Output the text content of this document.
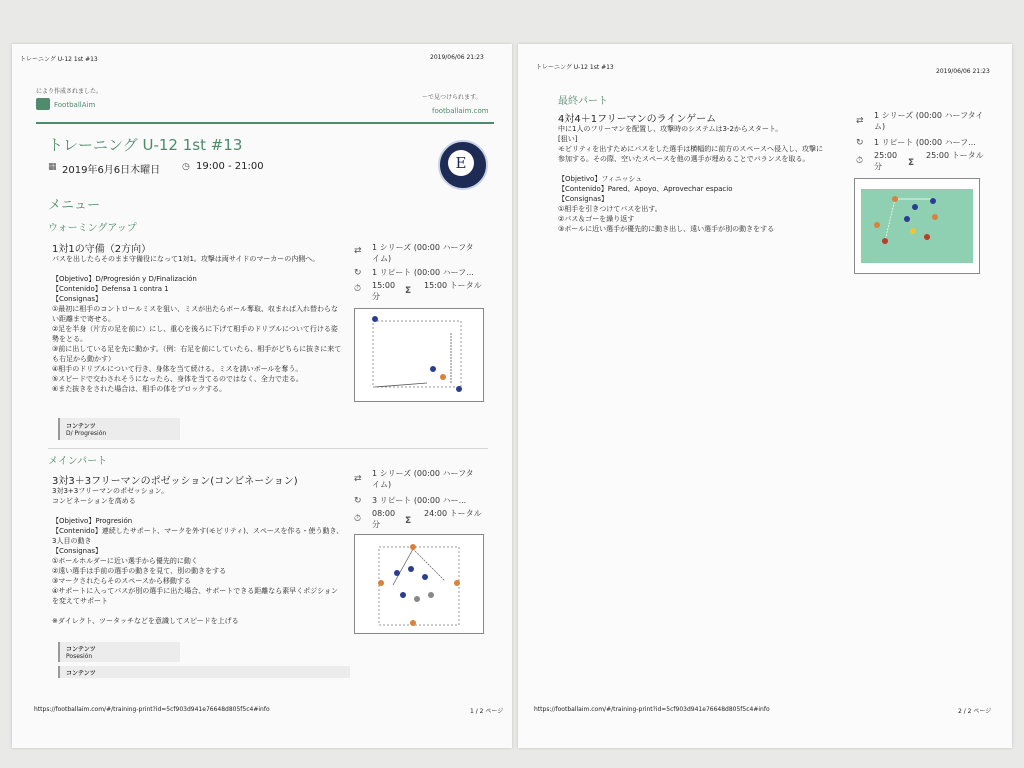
トレーニング U-12 1st #13	2019/06/06 21:23
により作成されました。
FootballAim
〜で見つけられます。
footballaim.com
トレーニング U-12 1st #13
▦ 2019年6月6日木曜日 ◷ 19:00 - 21:00	E
メニュー
ウォーミングアップ
1対1の守備（2方向）
パスを出したらそのまま守備役になって1対1。攻撃は両サイドのマーカーの内側へ。

【Objetivo】D/Progresión y D/Finalización
【Contenido】Defensa 1 contra 1
【Consignas】
①最初に相手のコントロールミスを狙い、ミスが出たらボール奪取、収まれば入れ替わらない距離まで寄せる。
②足を半身（片方の足を前に）にし、重心を後ろに下げて相手のドリブルについて行ける姿勢をとる。
③前に出している足を先に動かす。（例：右足を前にしていたら、相手がどちらに抜きに来ても右足から動かす）
④相手のドリブルについて行き、身体を当て続ける。ミスを誘いボールを奪う。
⑤スピードで交わされそうになったら、身体を当てるのではなく、全力で走る。
⑥また抜きをされた場合は、相手の体をブロックする。
⇄ 1 シリーズ (00:00 ハーフタイム)
↻ 1 リピート (00:00 ハーフ...
⏱ 15:00
分
Σ
15:00 トータル
コンテンツ
D/ Progresión
メインパート
3対3＋3フリーマンのポゼッション(コンビネーション)
3対3+3フリーマンのポゼッション。
コンビネーションを高める

【Objetivo】Progresión
【Contenido】連続したサポート、マークを外す(モビリティ)、スペースを作る・使う動き、3人目の動き
【Consignas】
①ボールホルダーに近い選手から優先的に動く
②遠い選手は手前の選手の動きを見て、別の動きをする
③マークされたらそのスペースから移動する
④サポートに入ってパスが別の選手に出た場合、サポートできる距離なら素早くポジションを変えてサポート

※ダイレクト、ツータッチなどを意識してスピードを上げる
⇄
1 シリーズ (00:00 ハーフタイム)
↻ 3 リピート (00:00 ハー...
⏱
08:00
分	Σ
24:00 トータル
コンテンツ
Posesión
コンテンツ
https://footballaim.com/#/training-print?id=5cf903d941e76648d805f5c4#info	1 / 2 ページ
トレーニング U-12 1st #13
2019/06/06 21:23
最終パート
4対4＋1フリーマンのラインゲーム
中に1人のフリーマンを配置し、攻撃時のシステムは3-2からスタート。
[狙い]
モビリティを出すためにパスをした選手は横幅的に前方のスペースへ侵入し、攻撃に参加する。その際、空いたスペースを他の選手が埋めることでバランスを取る。

【Objetivo】フィニッシュ
【Contenido】Pared、Apoyo、Aprovechar espacio
【Consignas】
①相手を引きつけてパスを出す。
②パス＆ゴーを繰り返す
③ボールに近い選手が優先的に動き出し、遠い選手が別の動きをする
⇄
1 シリーズ (00:00 ハーフタイム)
↻ 1 リピート (00:00 ハーフ...
⏱
25:00
分	Σ
25:00 トータル
https://footballaim.com/#/training-print?id=5cf903d941e76648d805f5c4#info	2 / 2 ページ
